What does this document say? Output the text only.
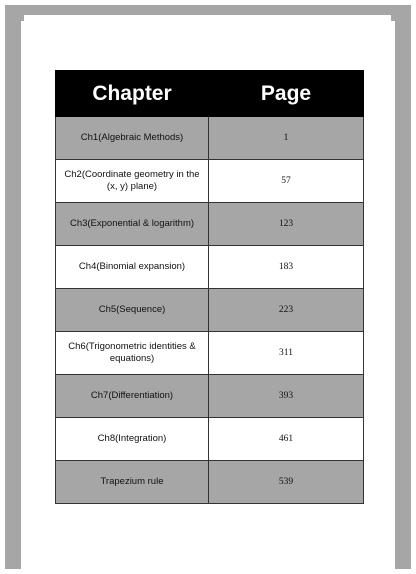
Chapter	Page
Ch1(Algebraic Methods)	1
Ch2(Coordinate geometry in the (x, y) plane)	57
Ch3(Exponential & logarithm)	123
Ch4(Binomial expansion)	183
Ch5(Sequence)	223
Ch6(Trigonometric identities & equations)	311
Ch7(Differentiation)	393
Ch8(Integration)	461
Trapezium rule	539
